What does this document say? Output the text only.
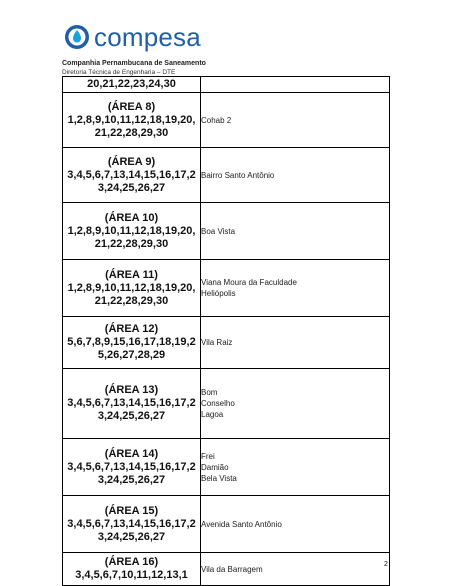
compesa
Companhia Pernambucana de Saneamento
Diretoria Técnica de Engenharia – DTE
20,21,22,23,24,30	

(ÁREA 8)
1,2,8,9,10,11,12,18,19,20,21,22,28,29,30	Cohab 2

(ÁREA 9)
3,4,5,6,7,13,14,15,16,17,23,24,25,26,27	Bairro Santo Antônio

(ÁREA 10)
1,2,8,9,10,11,12,18,19,20,21,22,28,29,30	Boa Vista

(ÁREA 11)
1,2,8,9,10,11,12,18,19,20,21,22,28,29,30	Viana Moura da Faculdade
Heliópolis

(ÁREA 12)
5,6,7,8,9,15,16,17,18,19,25,26,27,28,29	Vila Raiz

(ÁREA 13)
3,4,5,6,7,13,14,15,16,17,23,24,25,26,27	Bom
Conselho
Lagoa

(ÁREA 14)
3,4,5,6,7,13,14,15,16,17,23,24,25,26,27	Frei
Damião
Bela Vista

(ÁREA 15)
3,4,5,6,7,13,14,15,16,17,23,24,25,26,27	Avenida Santo Antônio

(ÁREA 16)
3,4,5,6,7,10,11,12,13,1	Vila da Barragem	2
